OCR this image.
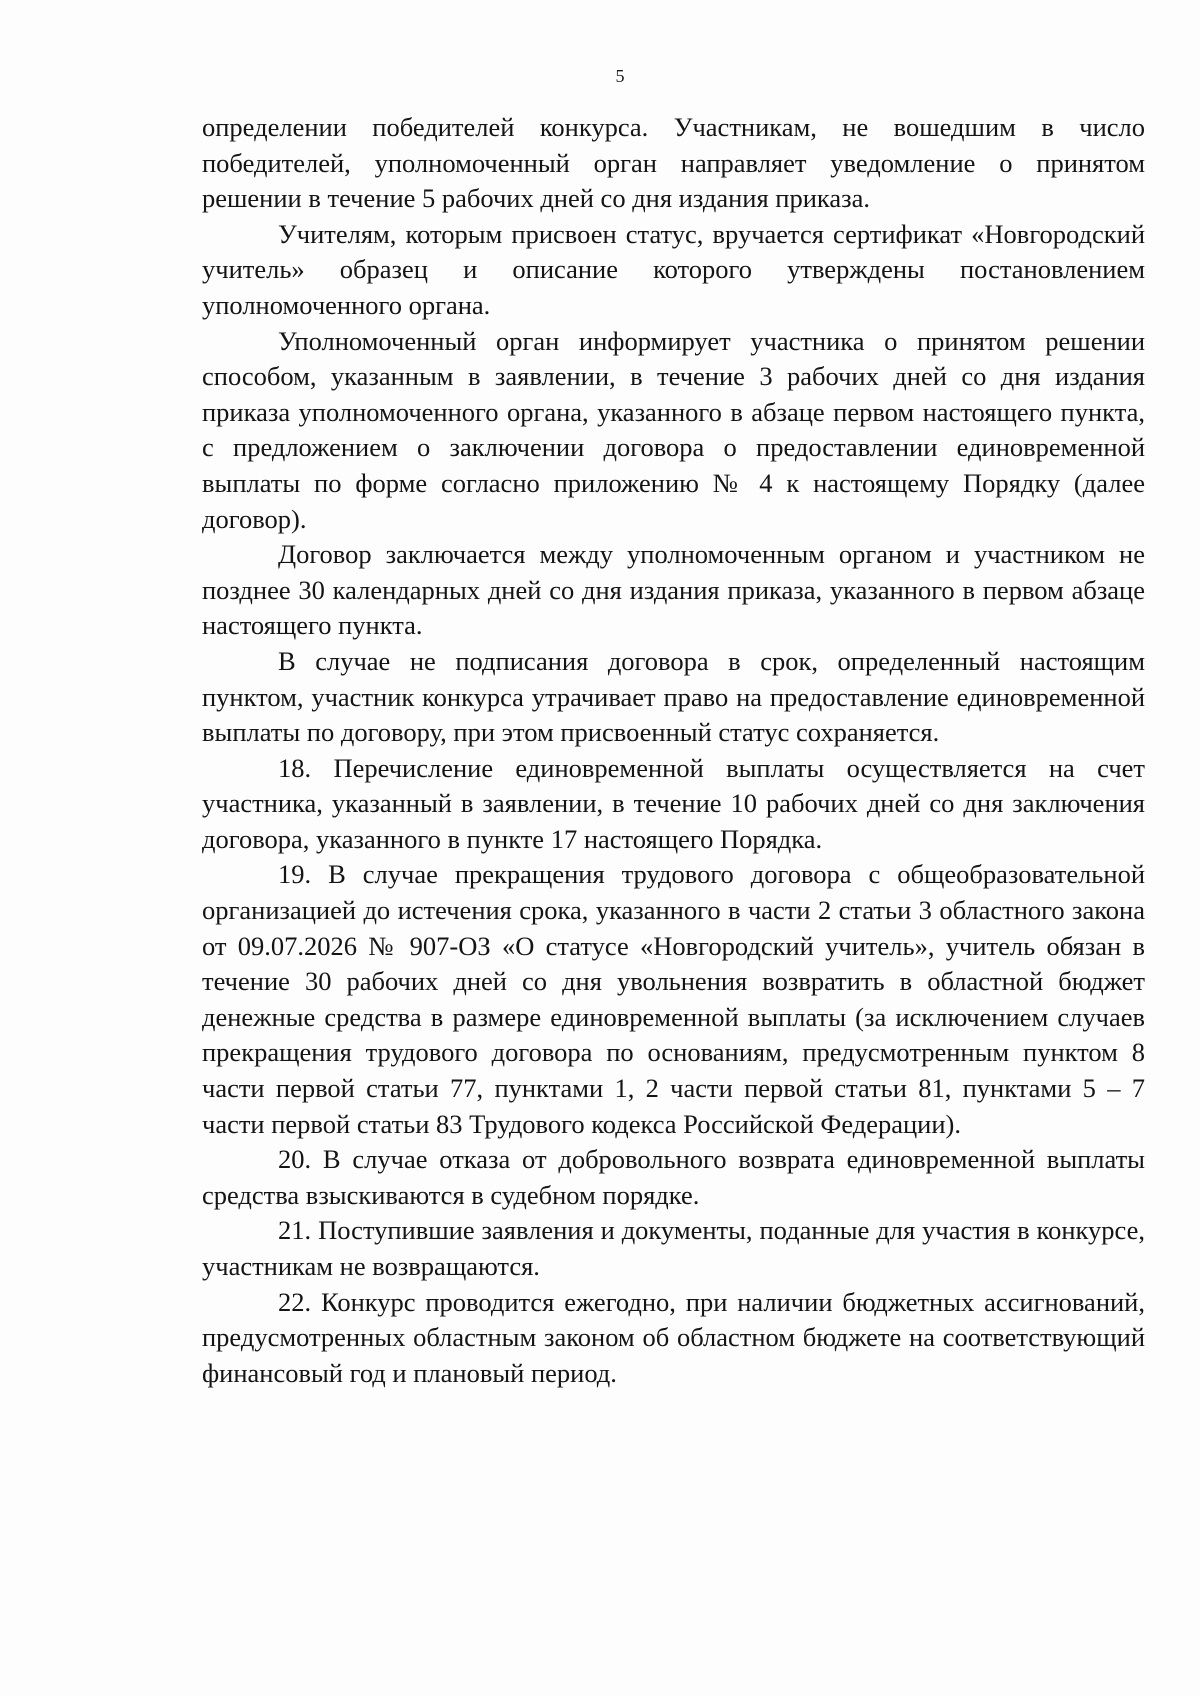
5

определении победителей конкурса. Участникам, не вошедшим в число победителей, уполномоченный орган направляет уведомление о принятом решении в течение 5 рабочих дней со дня издания приказа.

Учителям, которым присвоен статус, вручается сертификат «Новгородский учитель» образец и описание которого утверждены постановлением уполномоченного органа.

Уполномоченный орган информирует участника о принятом решении способом, указанным в заявлении, в течение 3 рабочих дней со дня издания приказа уполномоченного органа, указанного в абзаце первом настоящего пункта, с предложением о заключении договора о предоставлении единовременной выплаты по форме согласно приложению № 4 к настоящему Порядку (далее договор).

Договор заключается между уполномоченным органом и участником не позднее 30 календарных дней со дня издания приказа, указанного в первом абзаце настоящего пункта.

В случае не подписания договора в срок, определенный настоящим пунктом, участник конкурса утрачивает право на предоставление единовременной выплаты по договору, при этом присвоенный статус сохраняется.

18. Перечисление единовременной выплаты осуществляется на счет участника, указанный в заявлении, в течение 10 рабочих дней со дня заключения договора, указанного в пункте 17 настоящего Порядка.

19. В случае прекращения трудового договора с общеобразовательной организацией до истечения срока, указанного в части 2 статьи 3 областного закона от 09.07.2026 № 907-ОЗ «О статусе «Новгородский учитель», учитель обязан в течение 30 рабочих дней со дня увольнения возвратить в областной бюджет денежные средства в размере единовременной выплаты (за исключением случаев прекращения трудового договора по основаниям, предусмотренным пунктом 8 части первой статьи 77, пунктами 1, 2 части первой статьи 81, пунктами 5 – 7 части первой статьи 83 Трудового кодекса Российской Федерации).

20. В случае отказа от добровольного возврата единовременной выплаты средства взыскиваются в судебном порядке.

21. Поступившие заявления и документы, поданные для участия в конкурсе, участникам не возвращаются.

22. Конкурс проводится ежегодно, при наличии бюджетных ассигнований, предусмотренных областным законом об областном бюджете на соответствующий финансовый год и плановый период.
